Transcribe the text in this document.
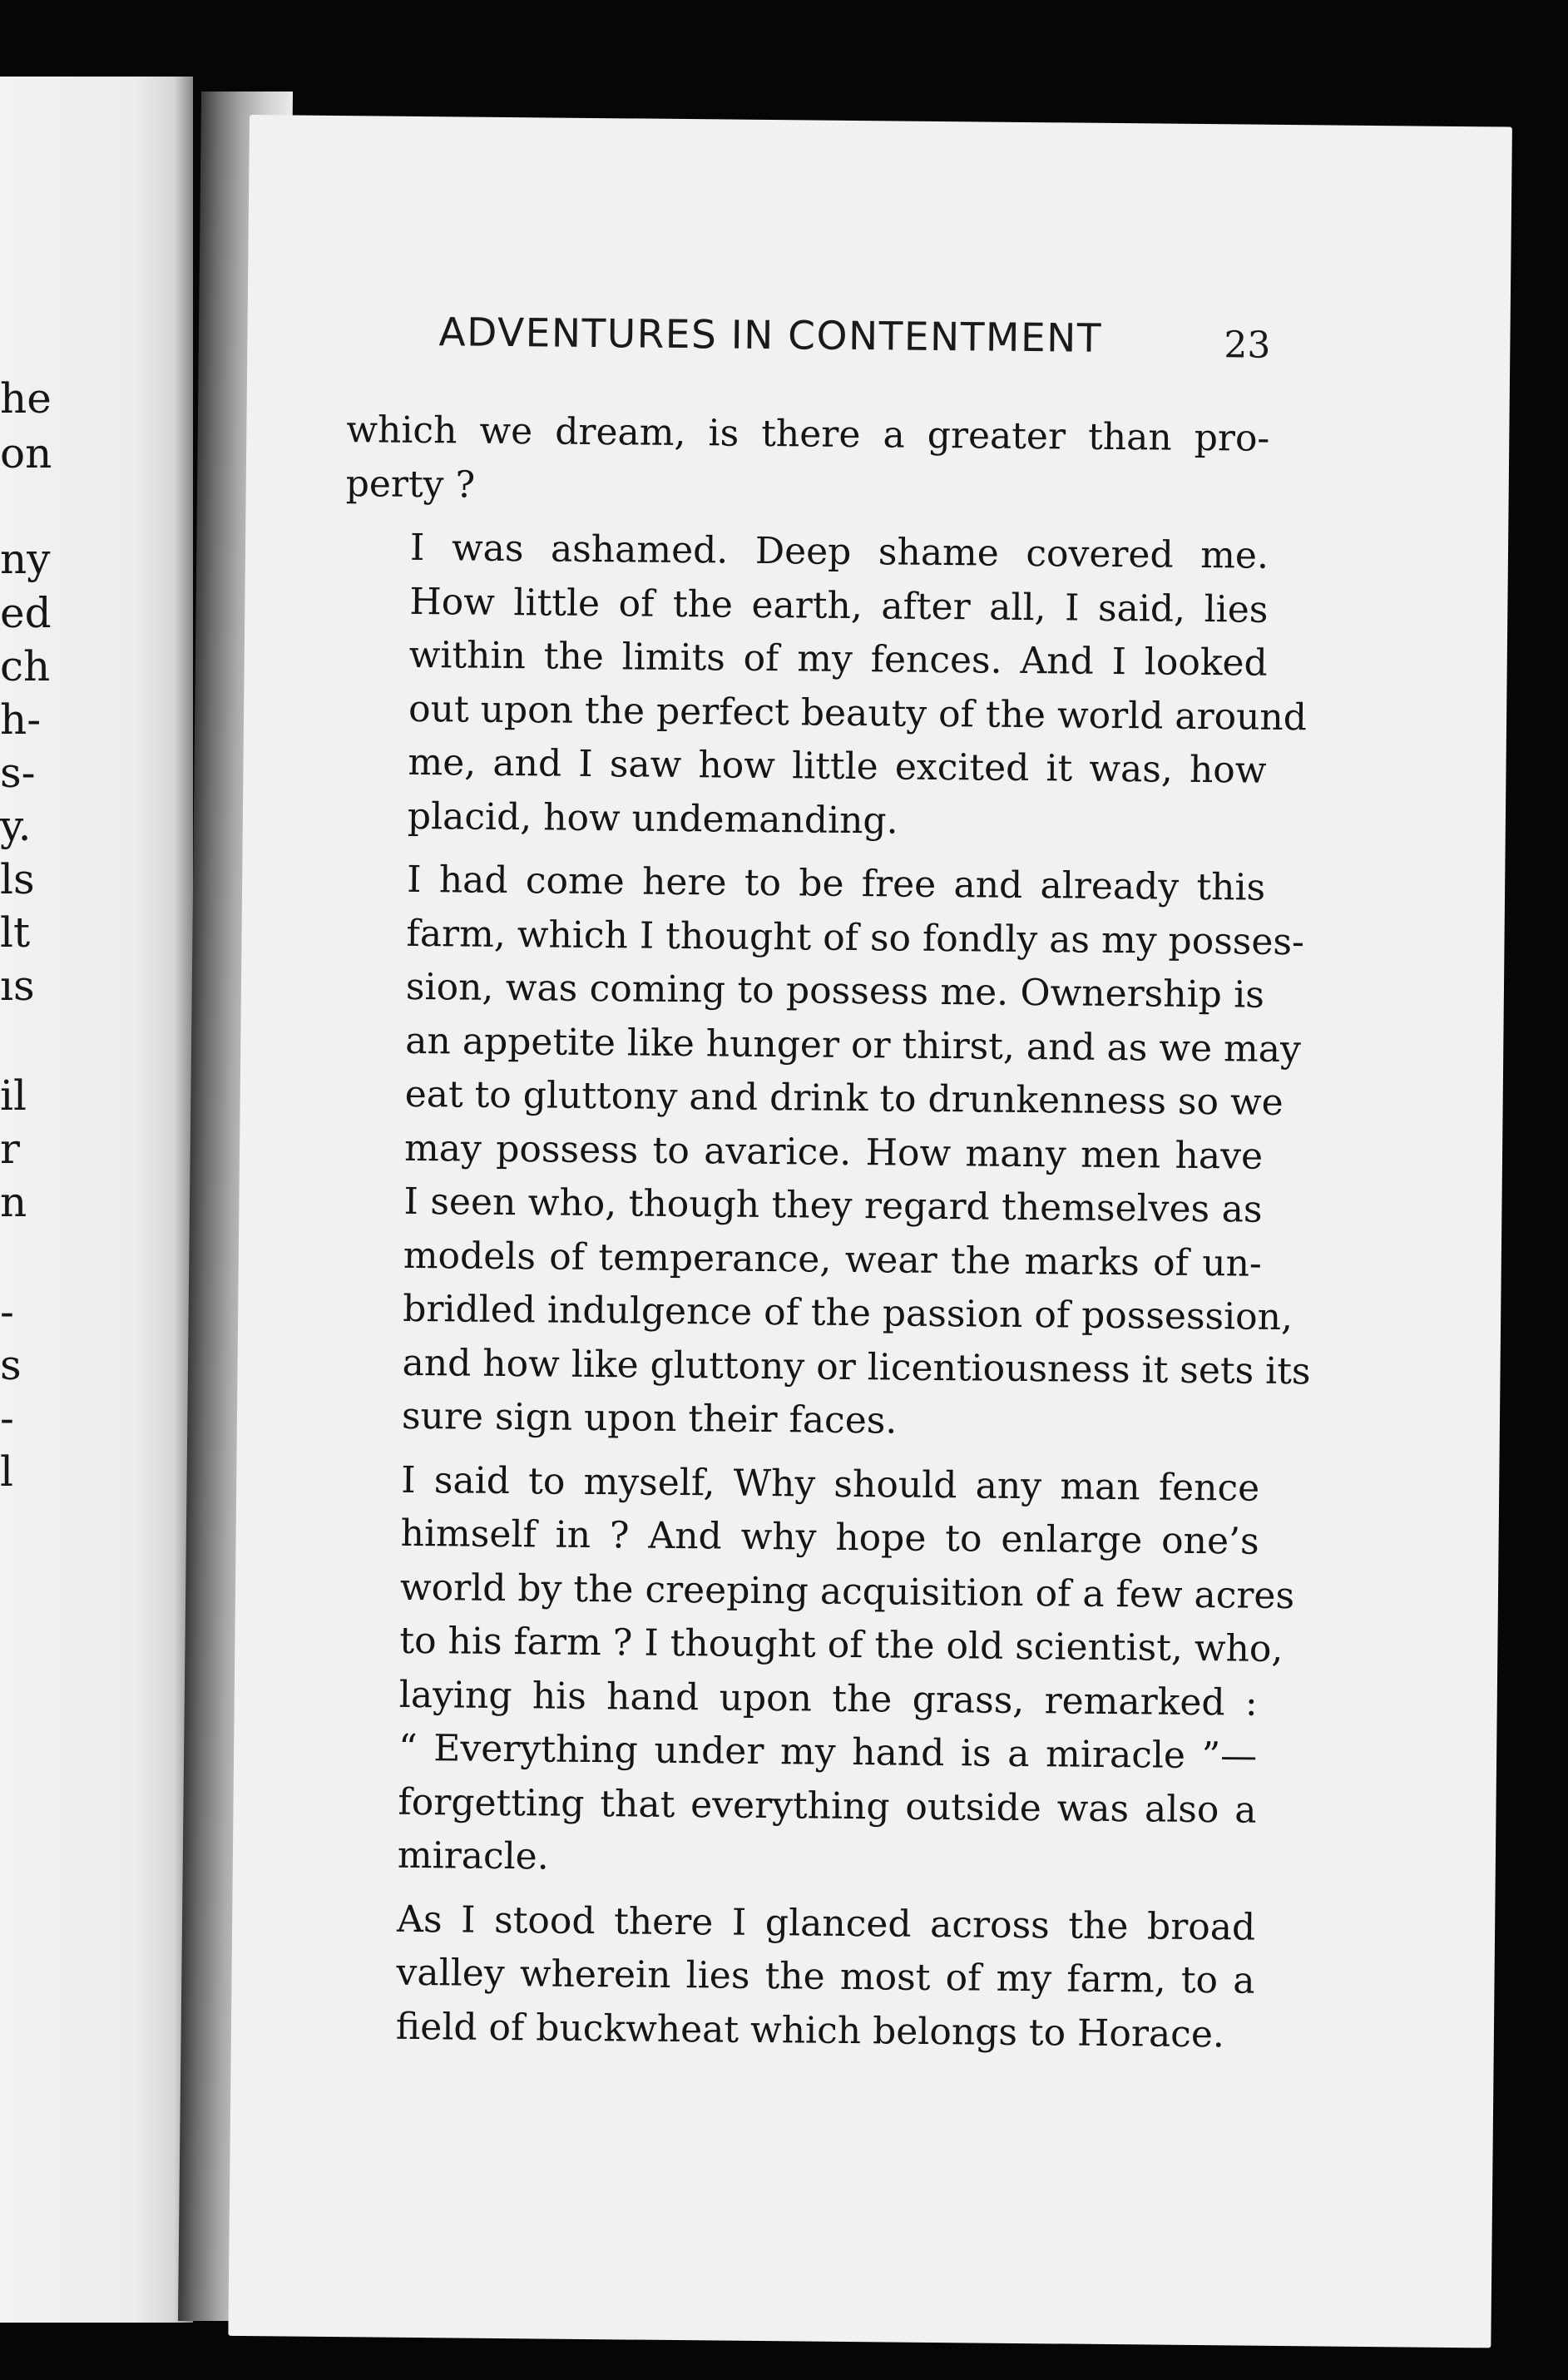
he
on
ny
ed
ch
h-
s-
y.
ls
lt
ıs
il
r
n
-
s
-
l
ADVENTURES IN CONTENTMENT	23
which we dream, is there a greater than pro-
perty ?
I was ashamed. Deep shame covered me.
How little of the earth, after all, I said, lies
within the limits of my fences. And I looked
out upon the perfect beauty of the world around
me, and I saw how little excited it was, how
placid, how undemanding.
I had come here to be free and already this
farm, which I thought of so fondly as my posses-
sion, was coming to possess me. Ownership is
an appetite like hunger or thirst, and as we may
eat to gluttony and drink to drunkenness so we
may possess to avarice. How many men have
I seen who, though they regard themselves as
models of temperance, wear the marks of un-
bridled indulgence of the passion of possession,
and how like gluttony or licentiousness it sets its
sure sign upon their faces.
I said to myself, Why should any man fence
himself in ? And why hope to enlarge one’s
world by the creeping acquisition of a few acres
to his farm ? I thought of the old scientist, who,
laying his hand upon the grass, remarked :
“ Everything under my hand is a miracle ”—
forgetting that everything outside was also a
miracle.
As I stood there I glanced across the broad
valley wherein lies the most of my farm, to a
field of buckwheat which belongs to Horace.
